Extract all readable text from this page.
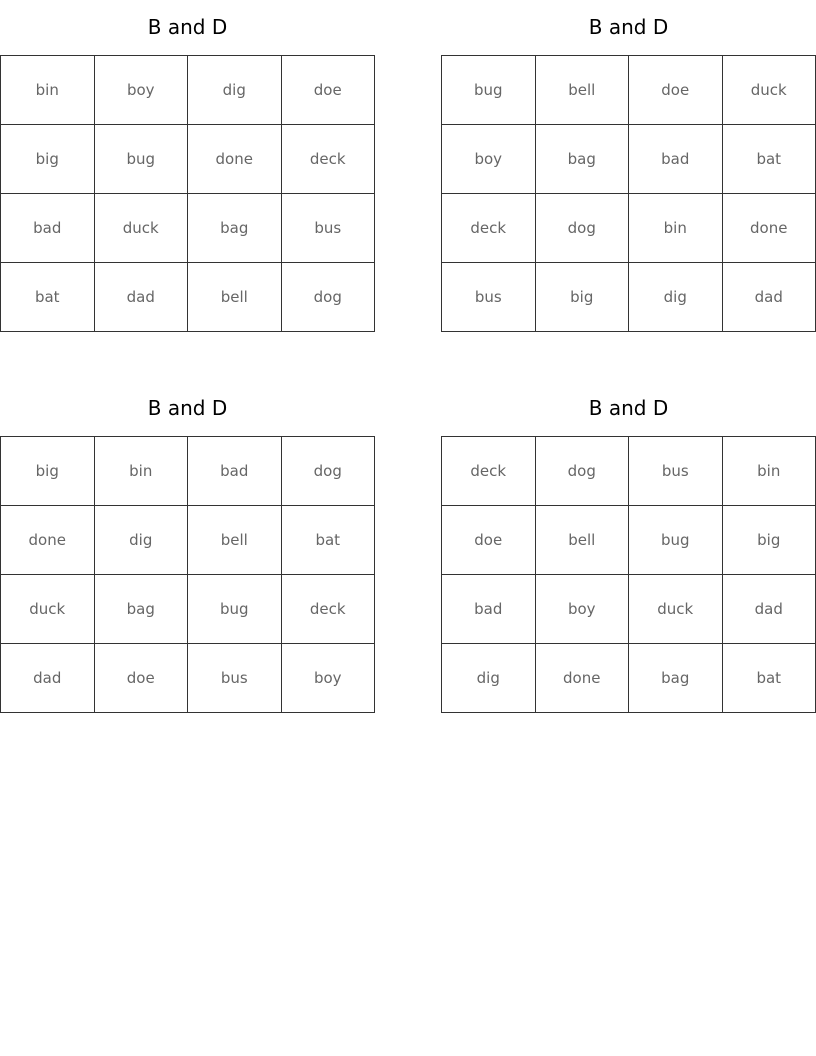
B and D
bin	boy	dig	doe
big	bug	done	deck
bad	duck	bag	bus
bat	dad	bell	dog
B and D
bug	bell	doe	duck
boy	bag	bad	bat
deck	dog	bin	done
bus	big	dig	dad
B and D
big	bin	bad	dog
done	dig	bell	bat
duck	bag	bug	deck
dad	doe	bus	boy
B and D
deck	dog	bus	bin
doe	bell	bug	big
bad	boy	duck	dad
dig	done	bag	bat
